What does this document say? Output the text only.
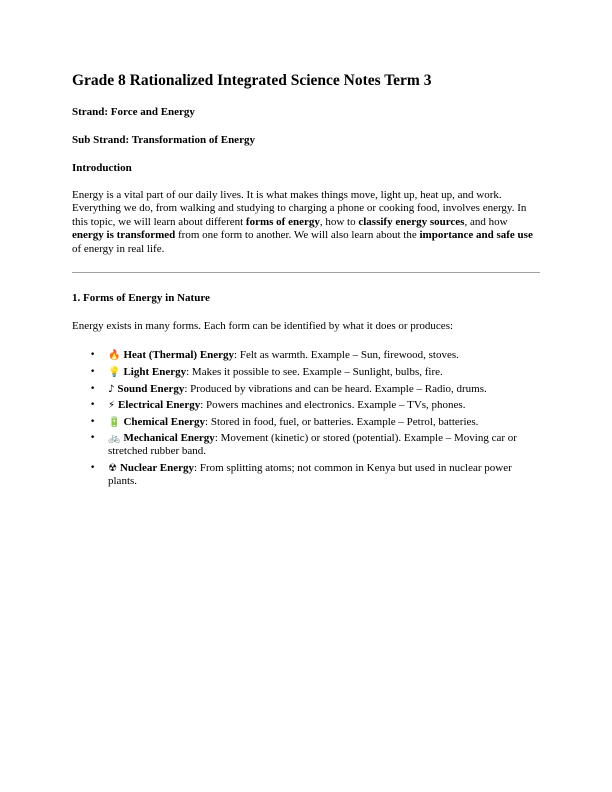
Grade 8 Rationalized Integrated Science Notes Term 3
Strand: Force and Energy
Sub Strand: Transformation of Energy
Introduction

Energy is a vital part of our daily lives. It is what makes things move, light up, heat up, and work. Everything we do, from walking and studying to charging a phone or cooking food, involves energy. In this topic, we will learn about different forms of energy, how to classify energy sources, and how energy is transformed from one form to another. We will also learn about the importance and safe use of energy in real life.

1. Forms of Energy in Nature

Energy exists in many forms. Each form can be identified by what it does or produces:

• 🔥 Heat (Thermal) Energy: Felt as warmth. Example – Sun, firewood, stoves.
• 💡 Light Energy: Makes it possible to see. Example – Sunlight, bulbs, fire.
• ♪ Sound Energy: Produced by vibrations and can be heard. Example – Radio, drums.
• ⚡ Electrical Energy: Powers machines and electronics. Example – TVs, phones.
• 🔋 Chemical Energy: Stored in food, fuel, or batteries. Example – Petrol, batteries.
• 🚲 Mechanical Energy: Movement (kinetic) or stored (potential). Example – Moving car or stretched rubber band.
• ☢ Nuclear Energy: From splitting atoms; not common in Kenya but used in nuclear power plants.
